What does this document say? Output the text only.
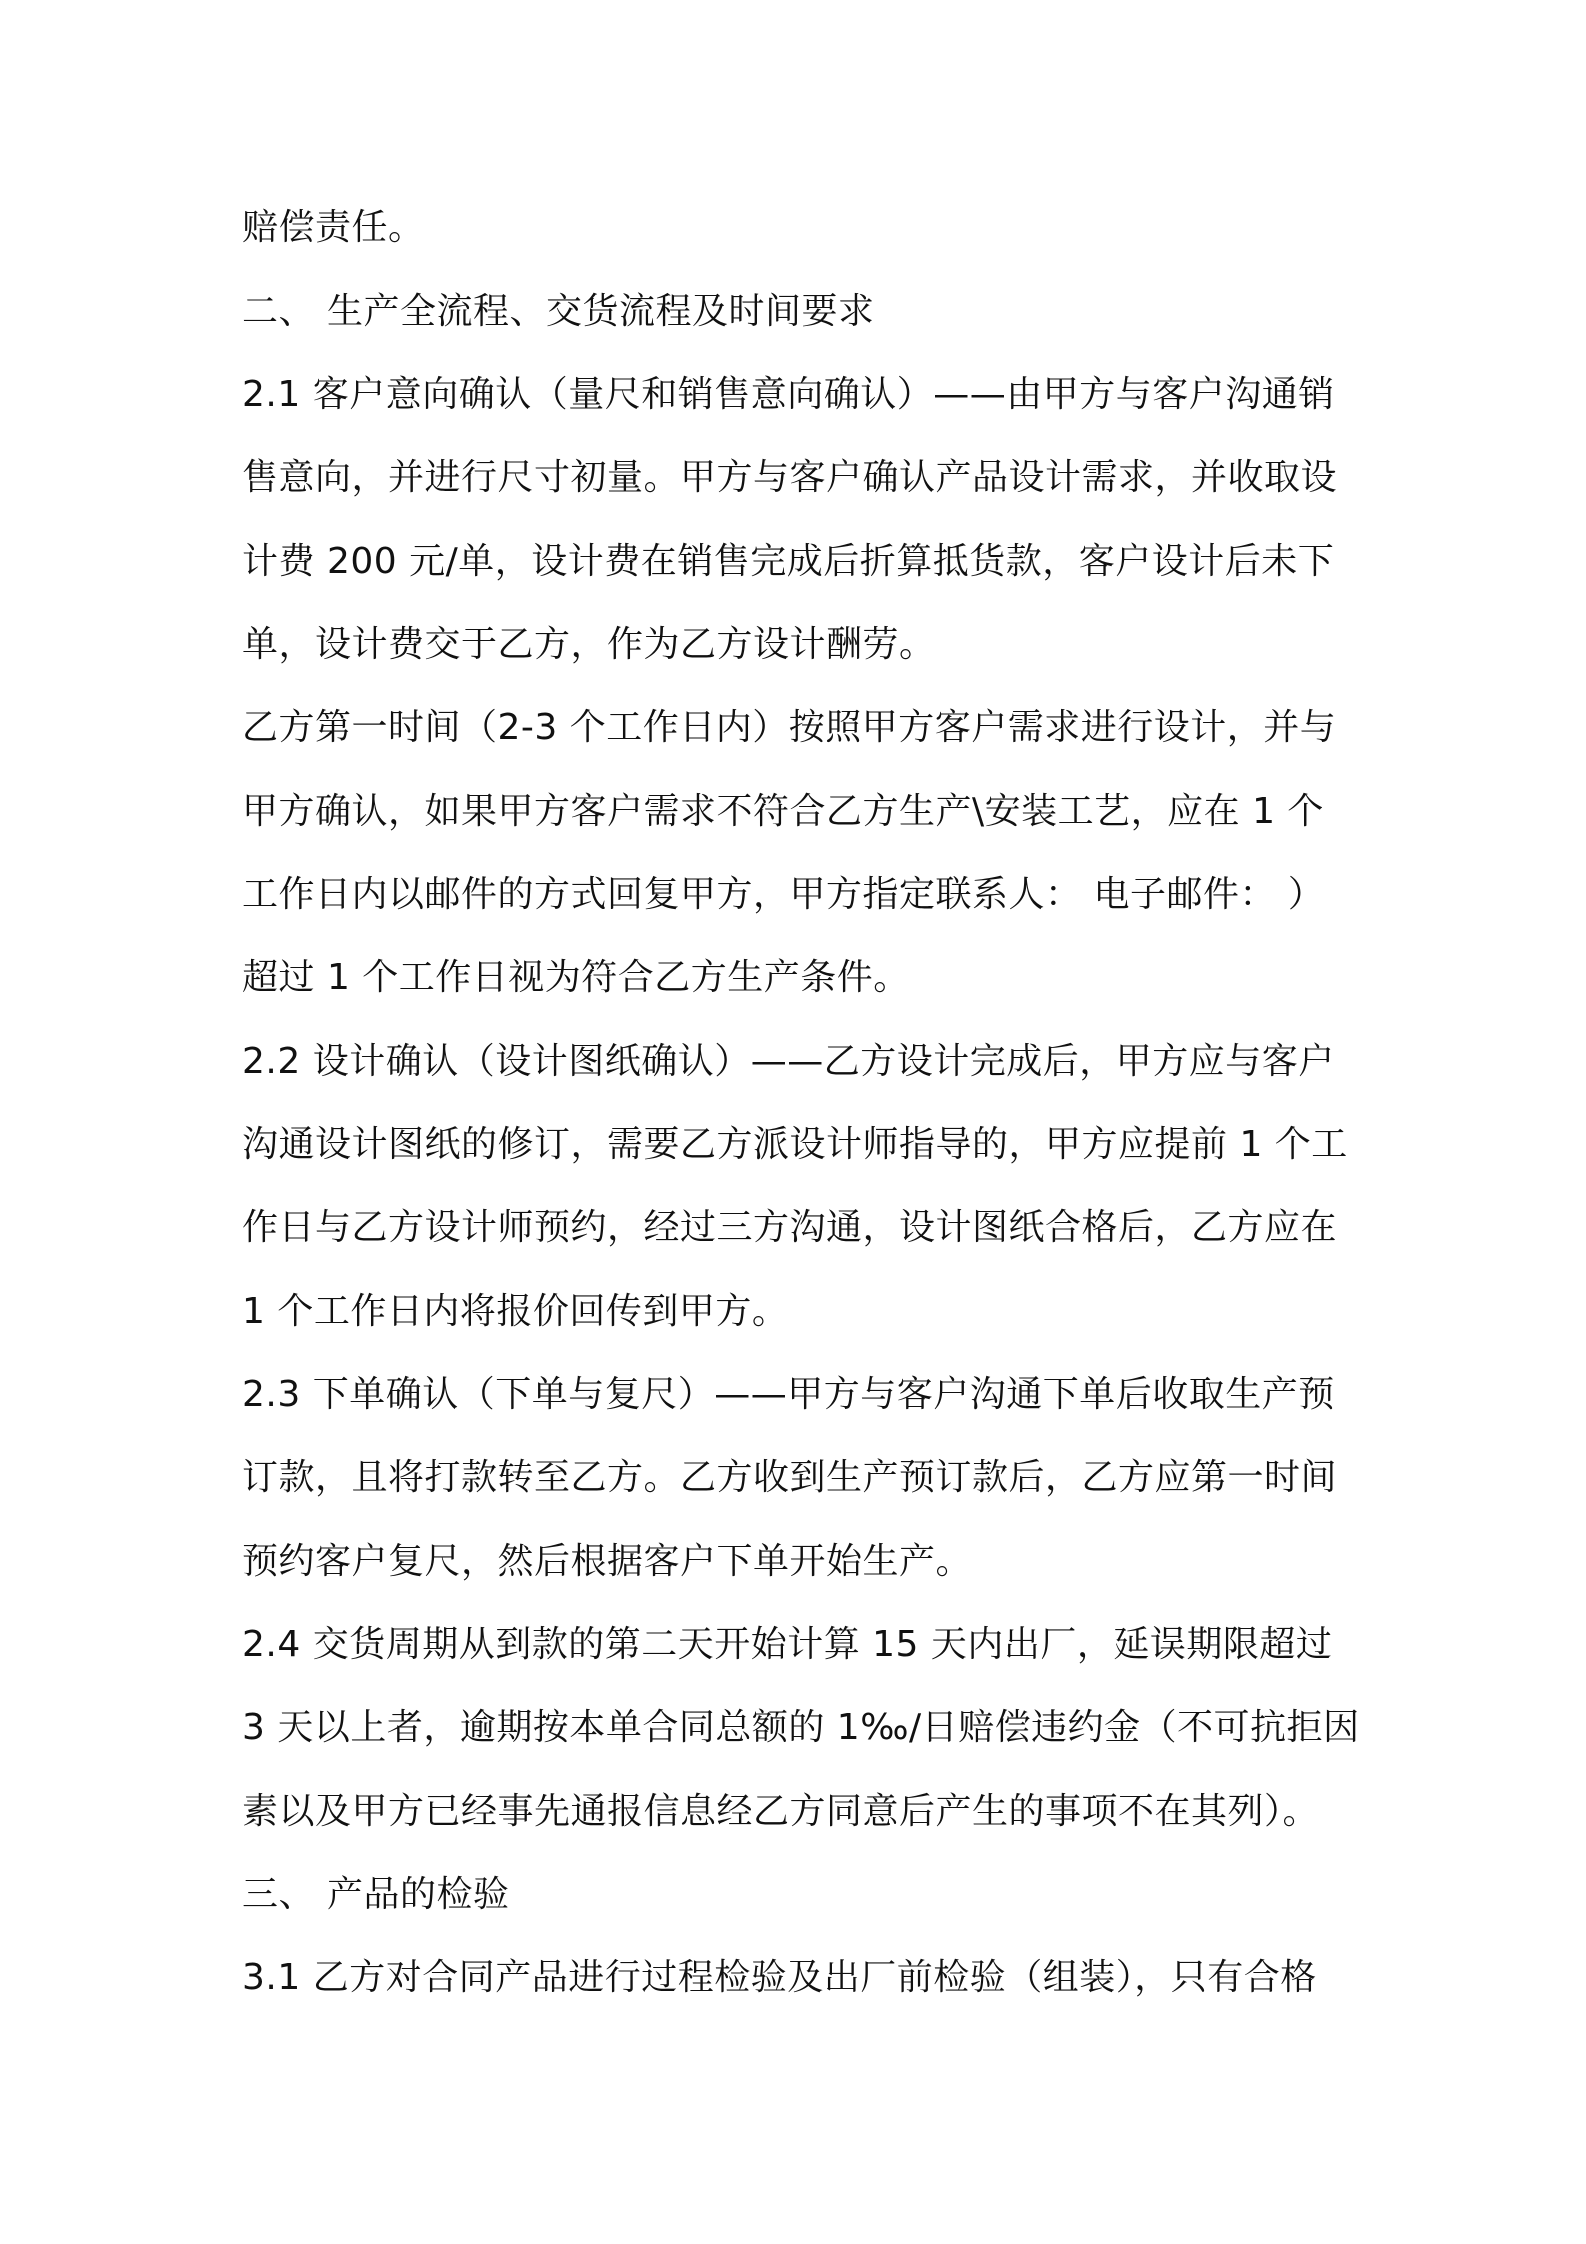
赔偿责任。
二、 生产全流程、交货流程及时间要求
2.1 客户意向确认（量尺和销售意向确认）——由甲方与客户沟通销
售意向，并进行尺寸初量。甲方与客户确认产品设计需求，并收取设
计费 200 元/单，设计费在销售完成后折算抵货款，客户设计后未下
单，设计费交于乙方，作为乙方设计酬劳。
乙方第一时间（2-3 个工作日内）按照甲方客户需求进行设计，并与
甲方确认，如果甲方客户需求不符合乙方生产\安装工艺，应在 1 个
工作日内以邮件的方式回复甲方，甲方指定联系人： 电子邮件： ）
超过 1 个工作日视为符合乙方生产条件。
2.2 设计确认（设计图纸确认）——乙方设计完成后，甲方应与客户
沟通设计图纸的修订，需要乙方派设计师指导的，甲方应提前 1 个工
作日与乙方设计师预约，经过三方沟通，设计图纸合格后，乙方应在
1 个工作日内将报价回传到甲方。
2.3 下单确认（下单与复尺）——甲方与客户沟通下单后收取生产预
订款，且将打款转至乙方。乙方收到生产预订款后，乙方应第一时间
预约客户复尺，然后根据客户下单开始生产。
2.4 交货周期从到款的第二天开始计算 15 天内出厂，延误期限超过
3 天以上者，逾期按本单合同总额的 1‰/日赔偿违约金（不可抗拒因
素以及甲方已经事先通报信息经乙方同意后产生的事项不在其列）。
三、 产品的检验
3.1 乙方对合同产品进行过程检验及出厂前检验（组装），只有合格
